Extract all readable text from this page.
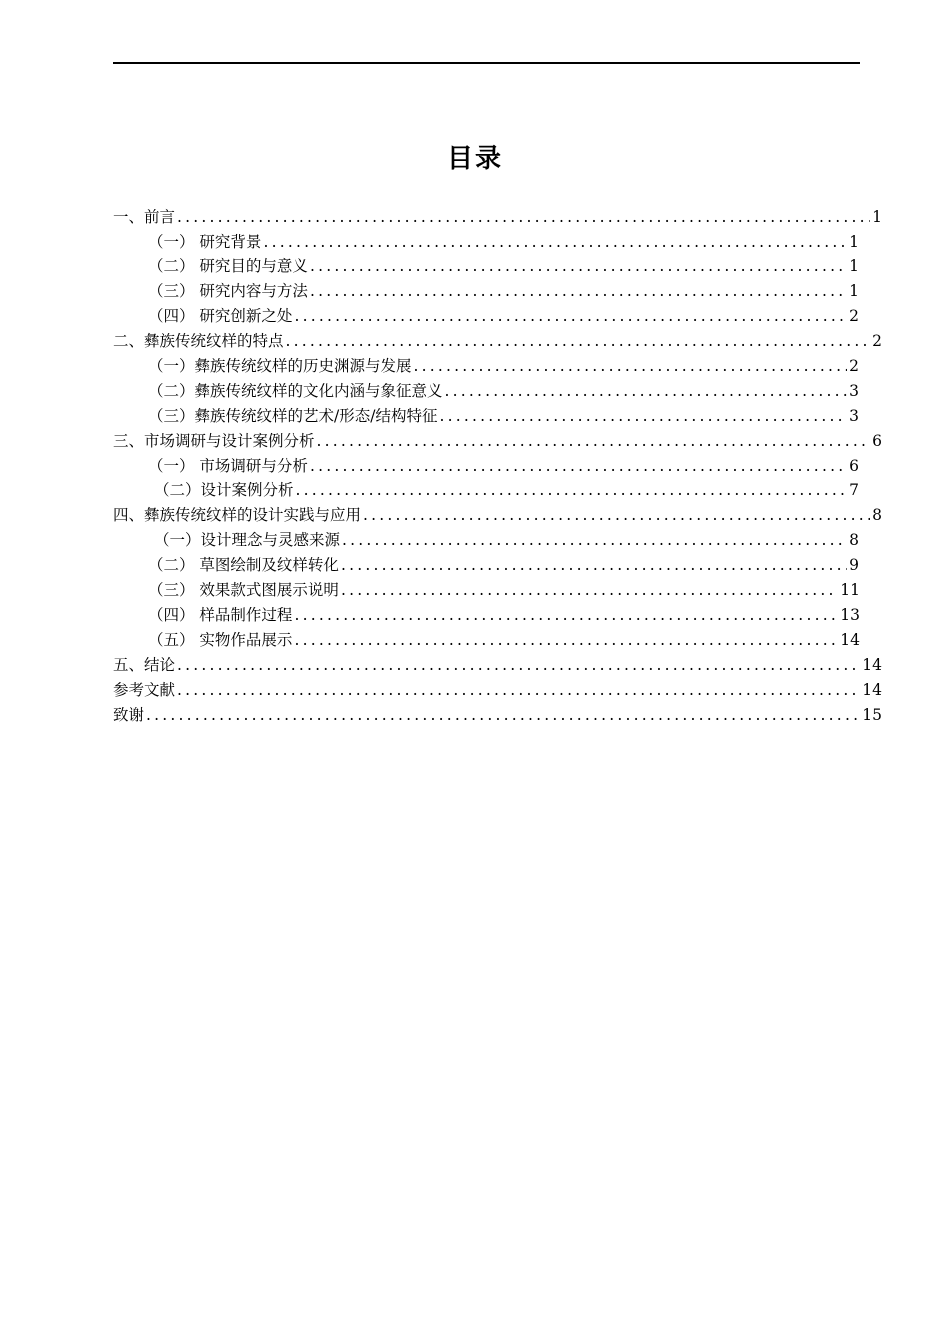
目录
一、前言 .....	1
（一） 研究背景 .....	1
（二） 研究目的与意义 .....	1
（三） 研究内容与方法 .....	1
（四） 研究创新之处 .....	2
二、彝族传统纹样的特点 .....	2
（一）彝族传统纹样的历史渊源与发展 .....	2
（二）彝族传统纹样的文化内涵与象征意义 .....	3
（三）彝族传统纹样的艺术/形态/结构特征 .....	3
三、市场调研与设计案例分析 .....	6
（一） 市场调研与分析 .....	6
（二）设计案例分析 .....	7
四、彝族传统纹样的设计实践与应用 .....	8
（一）设计理念与灵感来源 .....	8
（二） 草图绘制及纹样转化 .....	9
（三） 效果款式图展示说明 .....	11
（四） 样品制作过程 .....	13
（五） 实物作品展示 .....	14
五、结论 .....	14
参考文献 .....	14
致谢 .....	15
